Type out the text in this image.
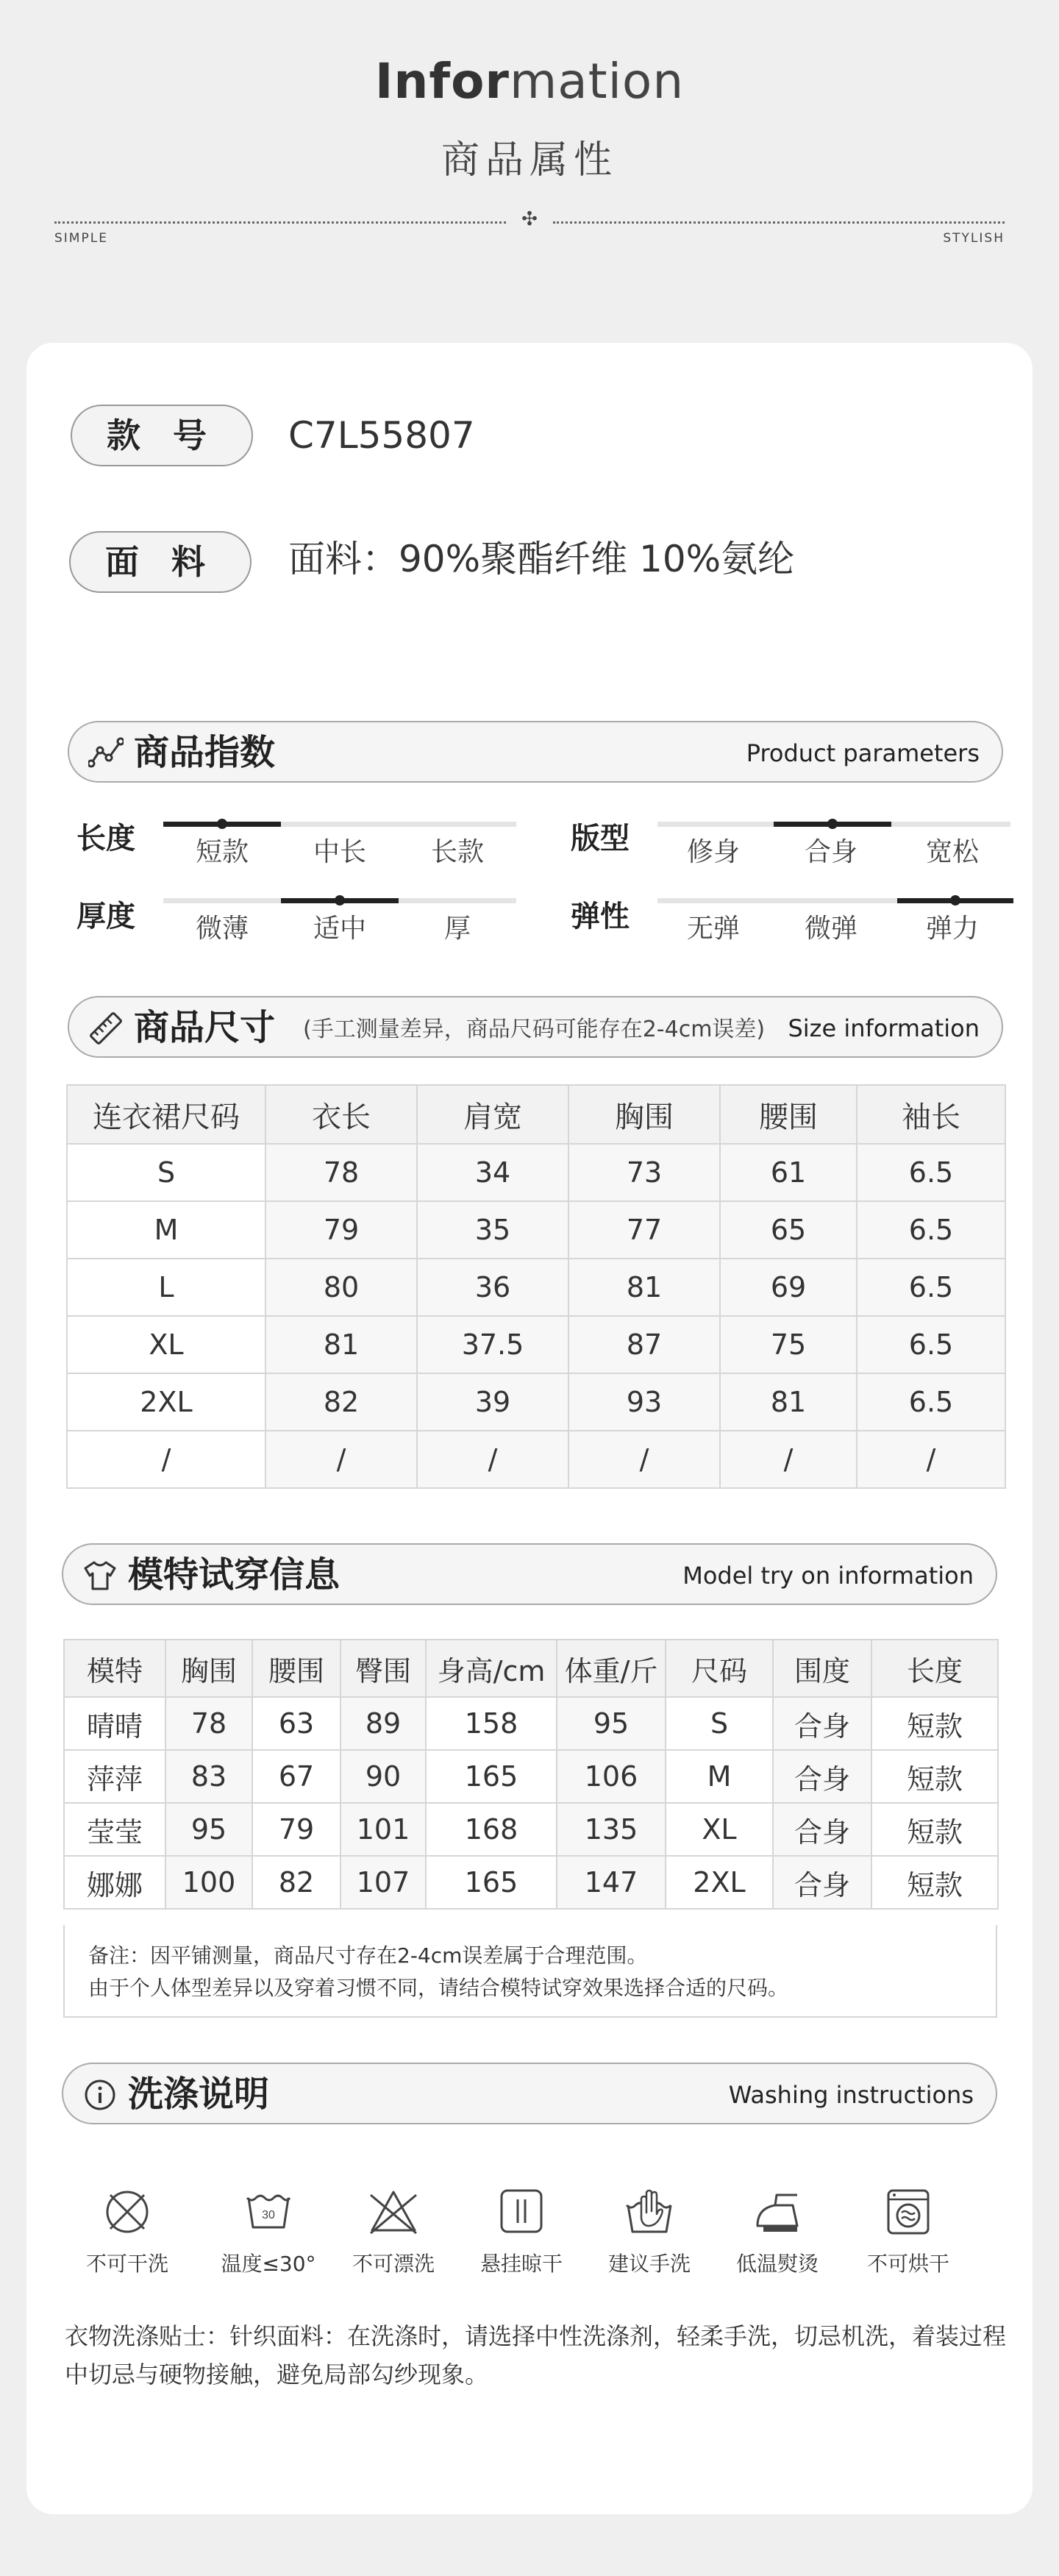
Information
商品属性
✣
SIMPLE	STYLISH
款 号	C7L55807
面 料	面料：90%聚酯纤维 10%氨纶
商品指数	Product parameters
长度	短款	中长	长款	版型	修身	合身	宽松
厚度	微薄	适中	厚	弹性	无弹	微弹	弹力
商品尺寸 (手工测量差异，商品尺码可能存在2-4cm误差) Size information
连衣裙尺码	衣长	肩宽	胸围	腰围	袖长
S	78	34	73	61	6.5
M	79	35	77	65	6.5
L	80	36	81	69	6.5
XL	81	37.5	87	75	6.5
2XL	82	39	93	81	6.5
/	/	/	/	/	/
模特试穿信息	Model try on information
模特	胸围	腰围	臀围	身高/cm	体重/斤	尺码	围度	长度
晴晴	78	63	89	158	95	S	合身	短款
萍萍	83	67	90	165	106	M	合身	短款
莹莹	95	79	101	168	135	XL	合身	短款
娜娜	100	82	107	165	147	2XL	合身	短款
备注：因平铺测量，商品尺寸存在2-4cm误差属于合理范围。
由于个人体型差异以及穿着习惯不同，请结合模特试穿效果选择合适的尺码。
洗涤说明	Washing instructions
不可干洗
30
温度≤30°	不可漂洗	悬挂晾干	建议手洗	低温熨烫	不可烘干
衣物洗涤贴士：针织面料：在洗涤时，请选择中性洗涤剂，轻柔手洗，切忌机洗，着装过程中切忌与硬物接触，避免局部勾纱现象。
